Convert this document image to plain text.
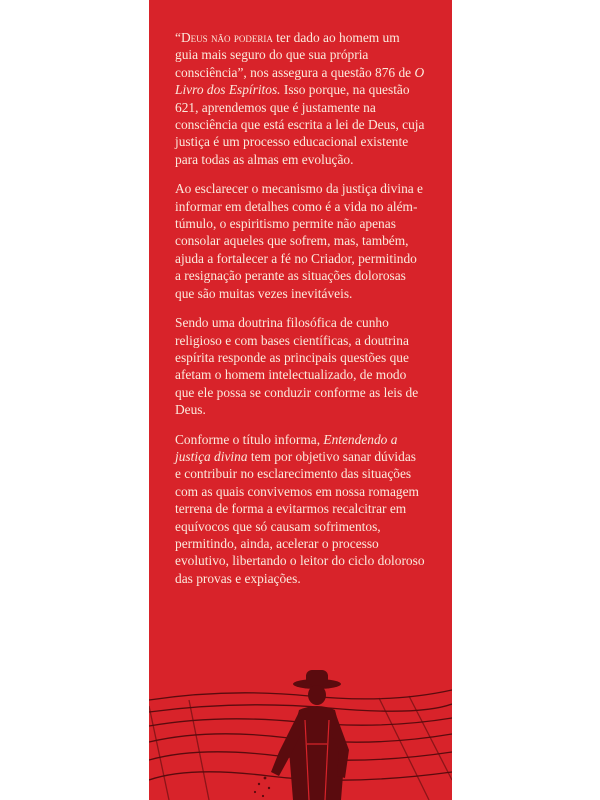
“Deus não poderia ter dado ao homem um guia mais seguro do que sua própria consciência”, nos assegura a questão 876 de O Livro dos Espíritos. Isso porque, na questão 621, aprendemos que é justamente na consciência que está escrita a lei de Deus, cuja justiça é um processo educacional existente para todas as almas em evolução.

Ao esclarecer o mecanismo da justiça divina e informar em detalhes como é a vida no além-túmulo, o espiritismo permite não apenas consolar aqueles que sofrem, mas, também, ajuda a fortalecer a fé no Criador, permitindo a resignação perante as situações dolorosas que são muitas vezes inevitáveis.

Sendo uma doutrina filosófica de cunho religioso e com bases científicas, a doutrina espírita responde as principais questões que afetam o homem intelectualizado, de modo que ele possa se conduzir conforme as leis de Deus.

Conforme o título informa, Entendendo a justiça divina tem por objetivo sanar dúvidas e contribuir no esclarecimento das situações com as quais convivemos em nossa romagem terrena de forma a evitarmos recalcitrar em equívocos que só causam sofrimentos, permitindo, ainda, acelerar o processo evolutivo, libertando o leitor do ciclo doloroso das provas e expiações.
